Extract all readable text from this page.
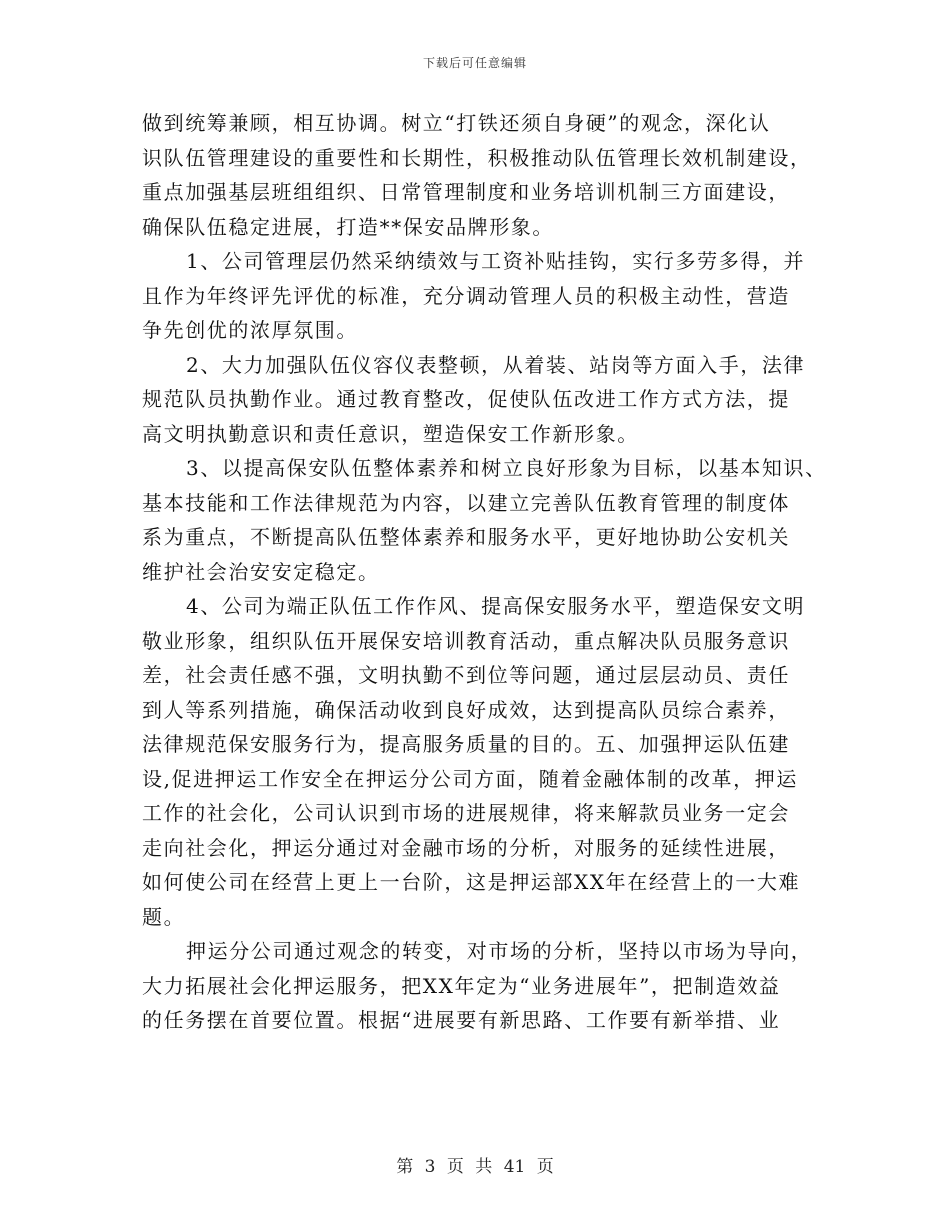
下载后可任意编辑

做到统筹兼顾，相互协调。树立“打铁还须自身硬”的观念，深化认
识队伍管理建设的重要性和长期性，积极推动队伍管理长效机制建设，
重点加强基层班组组织、日常管理制度和业务培训机制三方面建设，
确保队伍稳定进展，打造**保安品牌形象。

1、公司管理层仍然采纳绩效与工资补贴挂钩，实行多劳多得，并
且作为年终评先评优的标准，充分调动管理人员的积极主动性，营造
争先创优的浓厚氛围。

2、大力加强队伍仪容仪表整顿，从着装、站岗等方面入手，法律
规范队员执勤作业。通过教育整改，促使队伍改进工作方式方法，提
高文明执勤意识和责任意识，塑造保安工作新形象。

3、以提高保安队伍整体素养和树立良好形象为目标，以基本知识、
基本技能和工作法律规范为内容，以建立完善队伍教育管理的制度体
系为重点，不断提高队伍整体素养和服务水平，更好地协助公安机关
维护社会治安安定稳定。

4、公司为端正队伍工作作风、提高保安服务水平，塑造保安文明
敬业形象，组织队伍开展保安培训教育活动，重点解决队员服务意识
差，社会责任感不强，文明执勤不到位等问题，通过层层动员、责任
到人等系列措施，确保活动收到良好成效，达到提高队员综合素养，
法律规范保安服务行为，提高服务质量的目的。五、加强押运队伍建
设,促进押运工作安全在押运分公司方面，随着金融体制的改革，押运
工作的社会化，公司认识到市场的进展规律，将来解款员业务一定会
走向社会化，押运分通过对金融市场的分析，对服务的延续性进展，
如何使公司在经营上更上一台阶，这是押运部XX年在经营上的一大难
题。

押运分公司通过观念的转变，对市场的分析，坚持以市场为导向，
大力拓展社会化押运服务，把XX年定为“业务进展年”，把制造效益
的任务摆在首要位置。根据“进展要有新思路、工作要有新举措、业

第 3 页 共 41 页
